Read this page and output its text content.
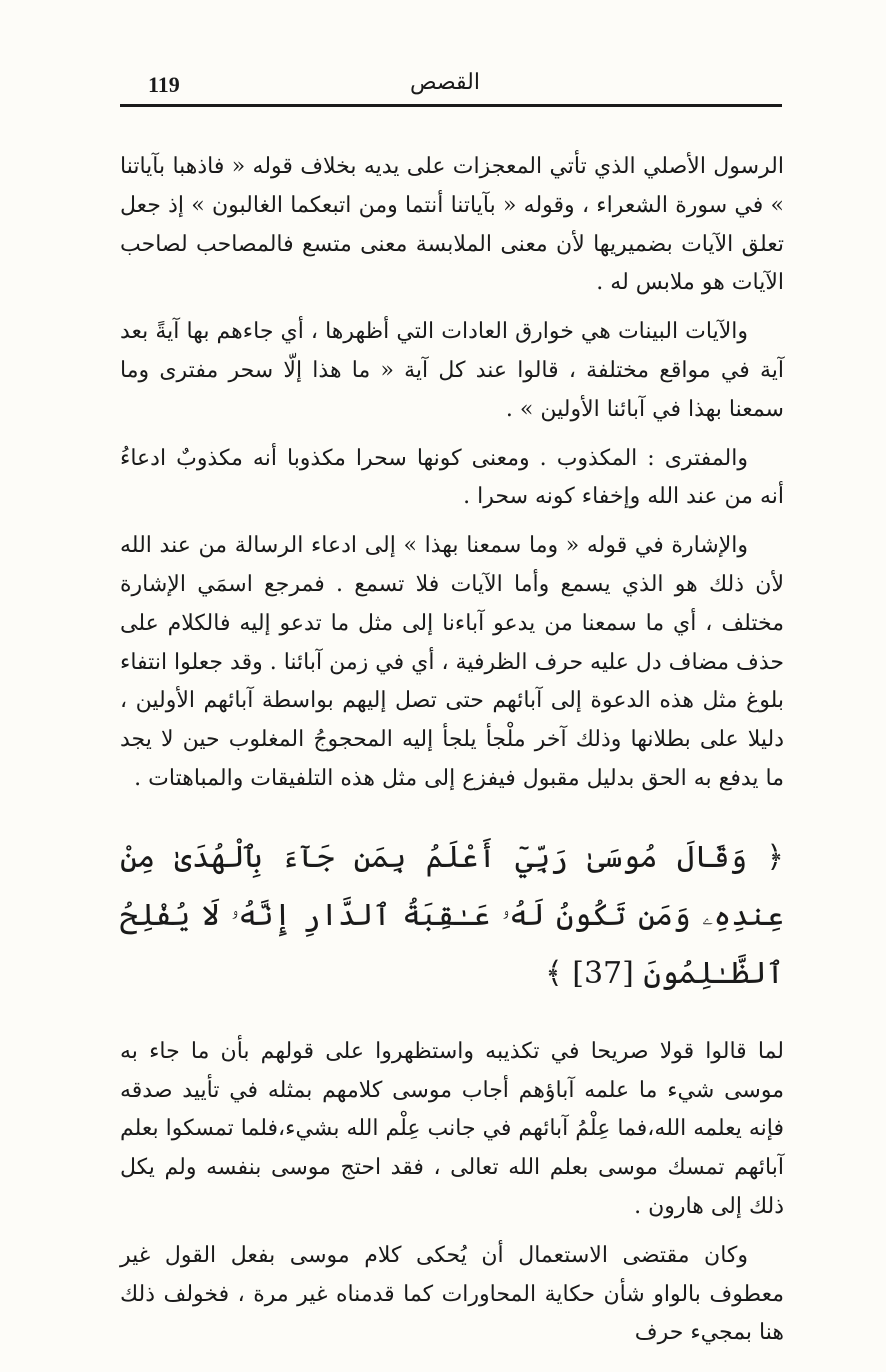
119	القصص

الرسول الأصلي الذي تأتي المعجزات على يديه بخلاف قوله « فاذهبا بآياتنا » في سورة الشعراء ، وقوله « بآياتنا أنتما ومن اتبعكما الغالبون » إذ جعل تعلق الآيات بضميريها لأن معنى الملابسة معنى متسع فالمصاحب لصاحب الآيات هو ملابس له .

والآيات البينات هي خوارق العادات التي أظهرها ، أي جاءهم بها آيةً بعد آية في مواقع مختلفة ، قالوا عند كل آية « ما هذا إلّا سحر مفترى وما سمعنا بهذا في آبائنا الأولين » .

والمفترى : المكذوب . ومعنى كونها سحرا مكذوبا أنه مكذوبٌ ادعاءُ أنه من عند الله وإخفاء كونه سحرا .

والإشارة في قوله « وما سمعنا بهذا » إلى ادعاء الرسالة من عند الله لأن ذلك هو الذي يسمع وأما الآيات فلا تسمع . فمرجع اسمَي الإشارة مختلف ، أي ما سمعنا من يدعو آباءنا إلى مثل ما تدعو إليه فالكلام على حذف مضاف دل عليه حرف الظرفية ، أي في زمن آبائنا . وقد جعلوا انتفاء بلوغ مثل هذه الدعوة إلى آبائهم حتى تصل إليهم بواسطة آبائهم الأولين ، دليلا على بطلانها وذلك آخر ملْجأ يلجأ إليه المحجوجُ المغلوب حين لا يجد ما يدفع به الحق بدليل مقبول فيفزع إلى مثل هذه التلفيقات والمباهتات .

﴿ وَقَالَ مُوسَىٰ رَبِّيٓ أَعْلَمُ بِمَن جَآءَ بِٱلْهُدَىٰ مِنْ عِندِهِۦ وَمَن تَكُونُ لَهُۥ عَـٰقِبَةُ ٱلدَّارِ إِنَّهُۥ لَا يُفْلِحُ ٱلظَّـٰلِمُونَ [37] ﴾

لما قالوا قولا صريحا في تكذيبه واستظهروا على قولهم بأن ما جاء به موسى شيء ما علمه آباؤهم أجاب موسى كلامهم بمثله في تأييد صدقه فإنه يعلمه الله،فما عِلْمُ آبائهم في جانب عِلْم الله بشيء،فلما تمسكوا بعلم آبائهم تمسك موسى بعلم الله تعالى ، فقد احتج موسى بنفسه ولم يكل ذلك إلى هارون .

وكان مقتضى الاستعمال أن يُحكى كلام موسى بفعل القول غير معطوف بالواو شأن حكاية المحاورات كما قدمناه غير مرة ، فخولف ذلك هنا بمجيء حرف
